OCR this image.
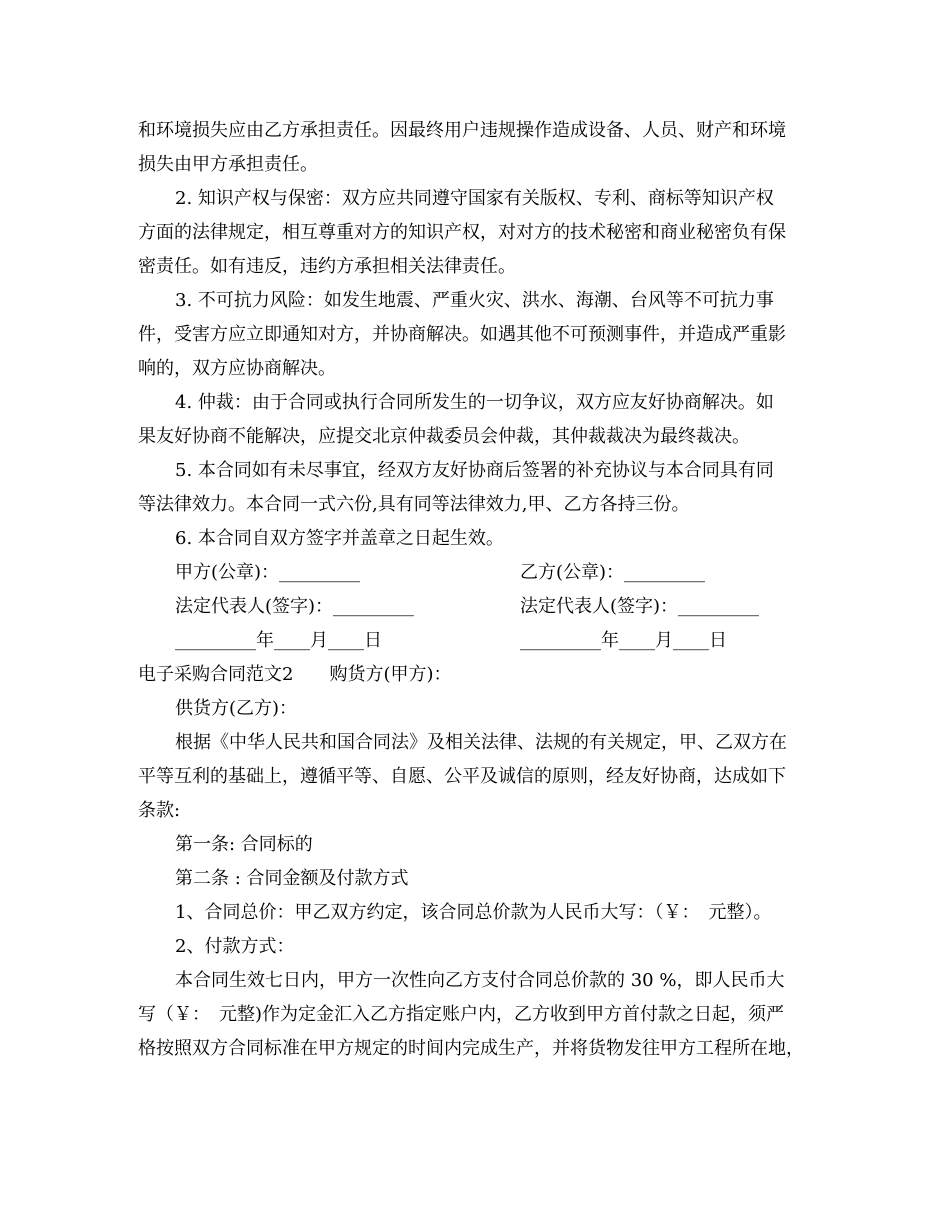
和环境损失应由乙方承担责任。因最终用户违规操作造成设备、人员、财产和环境
损失由甲方承担责任。
2. 知识产权与保密：双方应共同遵守国家有关版权、专利、商标等知识产权
方面的法律规定，相互尊重对方的知识产权，对对方的技术秘密和商业秘密负有保
密责任。如有违反，违约方承担相关法律责任。
3. 不可抗力风险：如发生地震、严重火灾、洪水、海潮、台风等不可抗力事
件，受害方应立即通知对方，并协商解决。如遇其他不可预测事件，并造成严重影
响的，双方应协商解决。
4. 仲裁：由于合同或执行合同所发生的一切争议，双方应友好协商解决。如
果友好协商不能解决，应提交北京仲裁委员会仲裁，其仲裁裁决为最终裁决。
5. 本合同如有未尽事宜，经双方友好协商后签署的补充协议与本合同具有同
等法律效力。本合同一式六份,具有同等法律效力,甲、乙方各持三份。
6. 本合同自双方签字并盖章之日起生效。
甲方(公章)：_________	乙方(公章)：_________
法定代表人(签字)：_________	法定代表人(签字)：_________
_________年____月____日	_________年____月____日
电子采购合同范文2　　购货方(甲方)：
供货方(乙方)：
根据《中华人民共和国合同法》及相关法律、法规的有关规定，甲、乙双方在
平等互利的基础上，遵循平等、自愿、公平及诚信的原则，经友好协商，达成如下
条款:
第一条: 合同标的
第二条 : 合同金额及付款方式
1、合同总价：甲乙双方约定，该合同总价款为人民币大写：（￥：　元整）。
2、付款方式：
本合同生效七日内，甲方一次性向乙方支付合同总价款的 30 %，即人民币大
写（￥：　元整)作为定金汇入乙方指定账户内，乙方收到甲方首付款之日起，须严
格按照双方合同标准在甲方规定的时间内完成生产，并将货物发往甲方工程所在地，
